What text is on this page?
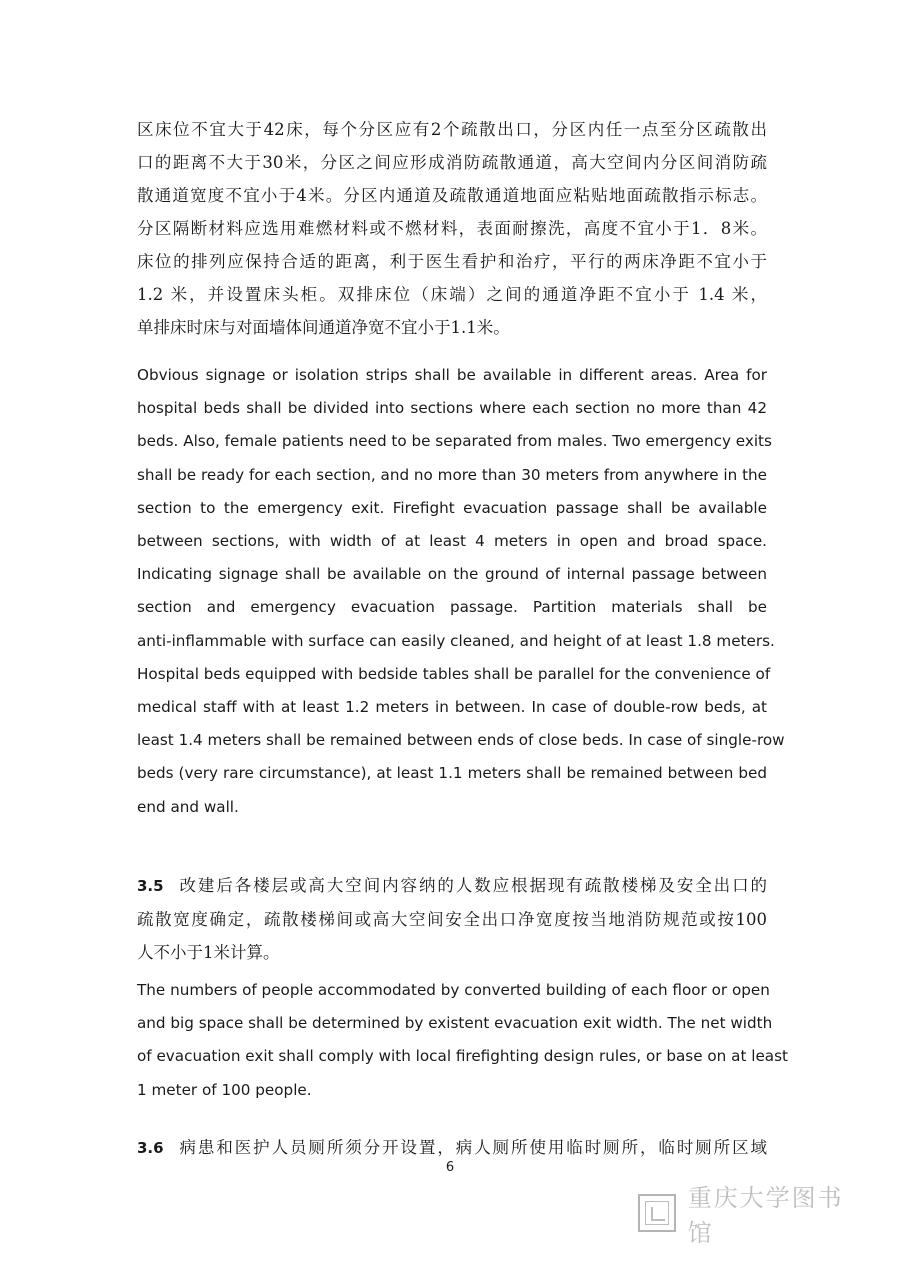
区床位不宜大于42床，每个分区应有2个疏散出口，分区内任一点至分区疏散出
口的距离不大于30米，分区之间应形成消防疏散通道，高大空间内分区间消防疏
散通道宽度不宜小于4米。分区内通道及疏散通道地面应粘贴地面疏散指示标志。
分区隔断材料应选用难燃材料或不燃材料，表面耐擦洗，高度不宜小于1．8米。
床位的排列应保持合适的距离，利于医生看护和治疗，平行的两床净距不宜小于
1.2 米，并设置床头柜。双排床位（床端）之间的通道净距不宜小于 1.4 米，
单排床时床与对面墙体间通道净宽不宜小于1.1米。
Obvious signage or isolation strips shall be available in different areas. Area for
hospital beds shall be divided into sections where each section no more than 42
beds. Also, female patients need to be separated from males. Two emergency exits
shall be ready for each section, and no more than 30 meters from anywhere in the
section to the emergency exit. Firefight evacuation passage shall be available
between sections, with width of at least 4 meters in open and broad space.
Indicating signage shall be available on the ground of internal passage between
section and emergency evacuation passage. Partition materials shall be
anti-inflammable with surface can easily cleaned, and height of at least 1.8 meters.
Hospital beds equipped with bedside tables shall be parallel for the convenience of
medical staff with at least 1.2 meters in between. In case of double-row beds, at
least 1.4 meters shall be remained between ends of close beds. In case of single-row
beds (very rare circumstance), at least 1.1 meters shall be remained between bed
end and wall.
3.5 改建后各楼层或高大空间内容纳的人数应根据现有疏散楼梯及安全出口的
疏散宽度确定，疏散楼梯间或高大空间安全出口净宽度按当地消防规范或按100
人不小于1米计算。
The numbers of people accommodated by converted building of each floor or open
and big space shall be determined by existent evacuation exit width. The net width
of evacuation exit shall comply with local firefighting design rules, or base on at least
1 meter of 100 people.
3.6 病患和医护人员厕所须分开设置，病人厕所使用临时厕所，临时厕所区域
6
重庆大学图书馆
